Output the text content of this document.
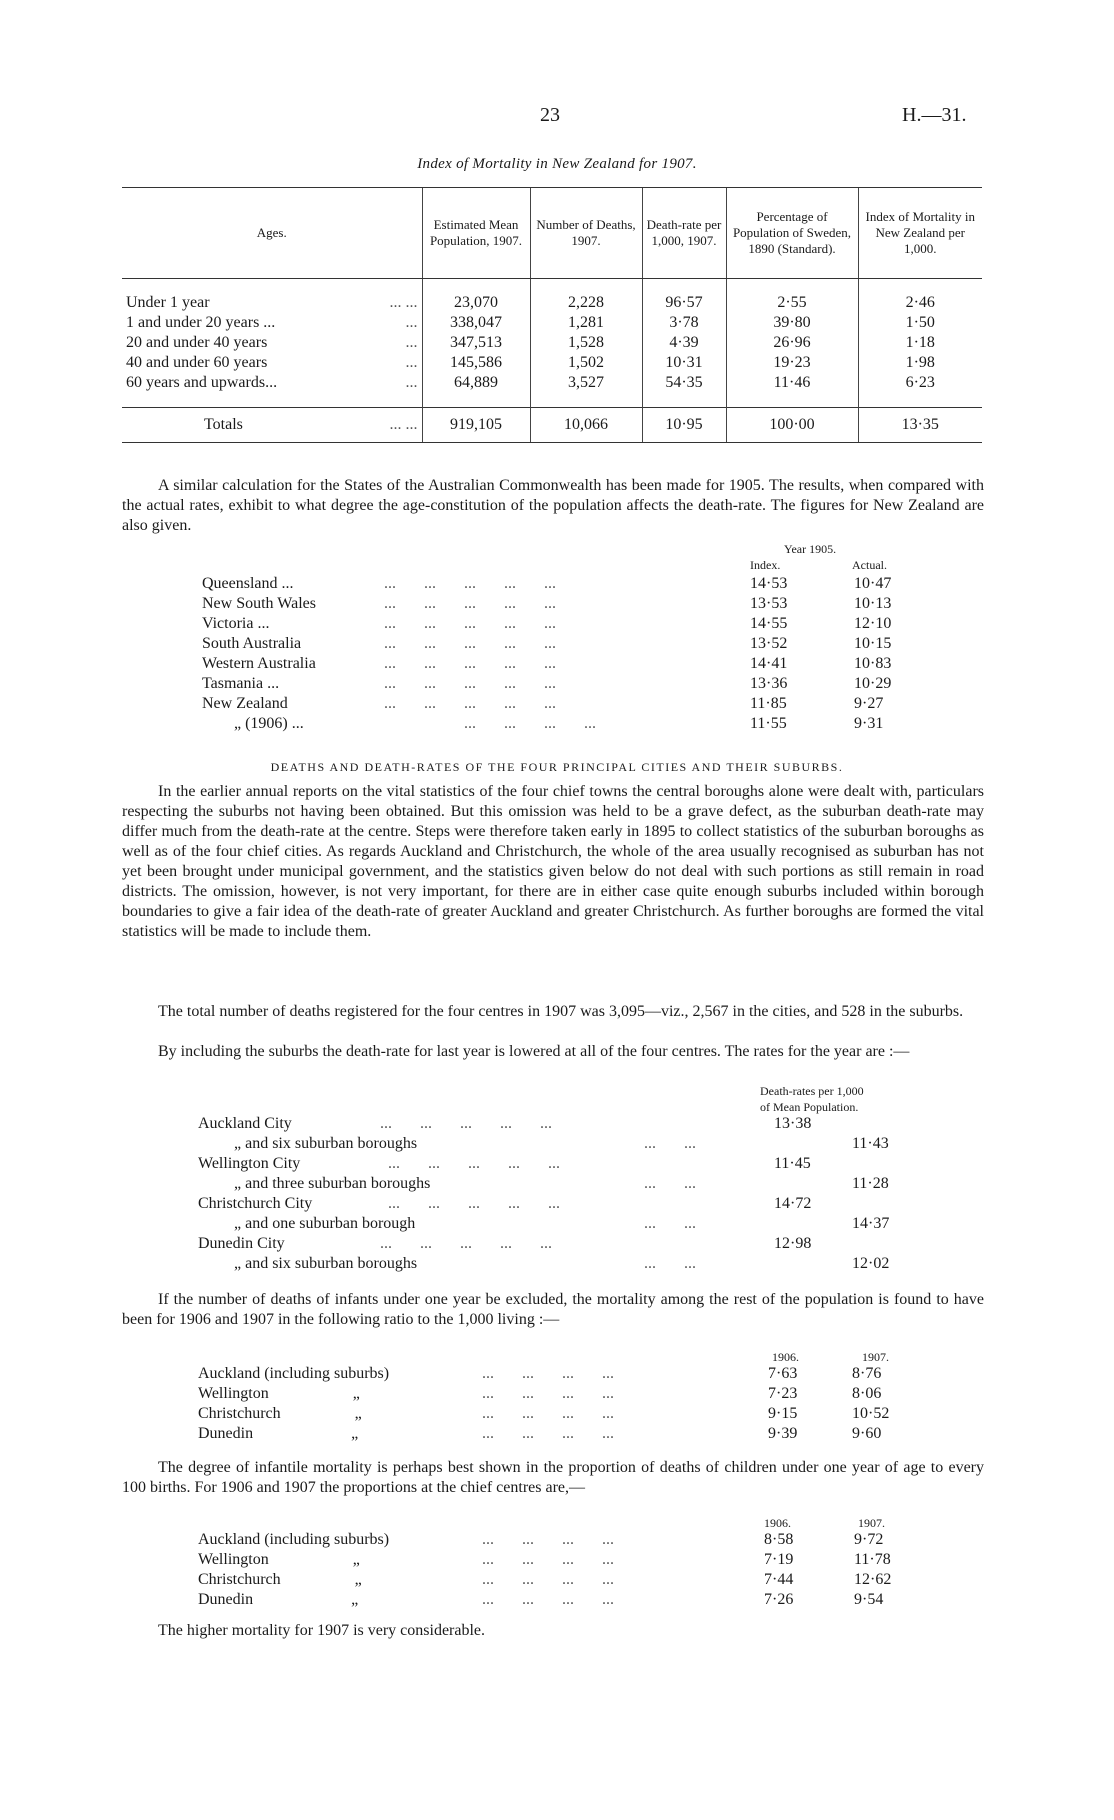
23	H.—31.
Index of Mortality in New Zealand for 1907.
Ages.	Estimated Mean Population, 1907.	Number of Deaths, 1907.	Death-rate per 1,000, 1907.	Percentage of Population of Sweden, 1890 (Standard).	Index of Mortality in New Zealand per 1,000.

Under 1 year ... ...	23,070	2,228	96·57	2·55	2·46
1 and under 20 years ... ...	338,047	1,281	3·78	39·80	1·50
20 and under 40 years ...	347,513	1,528	4·39	26·96	1·18
40 and under 60 years ...	145,586	1,502	10·31	19·23	1·98
60 years and upwards... ...	64,889	3,527	54·35	11·46	6·23

Totals ... ...	919,105	10,066	10·95	100·00	13·35
A similar calculation for the States of the Australian Commonwealth has been made for 1905. The results, when compared with the actual rates, exhibit to what degree the age-constitution of the population affects the death-rate. The figures for New Zealand are also given.
Year 1905.
Index.	Actual.
Queensland ...	...       ...       ...       ...       ...	14·53	10·47
New South Wales	...       ...       ...       ...       ...	13·53	10·13
Victoria ...	...       ...       ...       ...       ...	14·55	12·10
South Australia	...       ...       ...       ...       ...	13·52	10·15
Western Australia	...       ...       ...       ...       ...	14·41	10·83
Tasmania ...	...       ...       ...       ...       ...	13·36	10·29
New Zealand	...       ...       ...       ...       ...	11·85	9·27
„ (1906) ...	...       ...       ...       ...	11·55	9·31
DEATHS AND DEATH-RATES OF THE FOUR PRINCIPAL CITIES AND THEIR SUBURBS.
In the earlier annual reports on the vital statistics of the four chief towns the central boroughs alone were dealt with, particulars respecting the suburbs not having been obtained. But this omission was held to be a grave defect, as the suburban death-rate may differ much from the death-rate at the centre. Steps were therefore taken early in 1895 to collect statistics of the suburban boroughs as well as of the four chief cities. As regards Auckland and Christchurch, the whole of the area usually recognised as suburban has not yet been brought under municipal government, and the statistics given below do not deal with such portions as still remain in road districts. The omission, however, is not very important, for there are in either case quite enough suburbs included within borough boundaries to give a fair idea of the death-rate of greater Auckland and greater Christchurch. As further boroughs are formed the vital statistics will be made to include them.
The total number of deaths registered for the four centres in 1907 was 3,095—viz., 2,567 in the cities, and 528 in the suburbs.
By including the suburbs the death-rate for last year is lowered at all of the four centres. The rates for the year are :—
Death-rates per 1,000
of Mean Population.
Auckland City	...       ...       ...       ...       ...	13·38
„ and six suburban boroughs	...       ...	11·43
Wellington City	...       ...       ...       ...       ...	11·45
„ and three suburban boroughs	...       ...	11·28
Christchurch City	...       ...       ...       ...       ...	14·72
„ and one suburban borough	...       ...	14·37
Dunedin City	...       ...       ...       ...       ...	12·98
„ and six suburban boroughs	...       ...	12·02
If the number of deaths of infants under one year be excluded, the mortality among the rest of the population is found to have been for 1906 and 1907 in the following ratio to the 1,000 living :—
1906.	1907.
Auckland (including suburbs)	...       ...       ...       ...	7·63	8·76
Wellington „	...       ...       ...       ...	7·23	8·06
Christchurch „	...       ...       ...       ...	9·15	10·52
Dunedin „	...       ...       ...       ...	9·39	9·60
The degree of infantile mortality is perhaps best shown in the proportion of deaths of children under one year of age to every 100 births. For 1906 and 1907 the proportions at the chief centres are,—
1906.	1907.
Auckland (including suburbs)	...       ...       ...       ...	8·58	9·72
Wellington „	...       ...       ...       ...	7·19	11·78
Christchurch „	...       ...       ...       ...	7·44	12·62
Dunedin „	...       ...       ...       ...	7·26	9·54
The higher mortality for 1907 is very considerable.
